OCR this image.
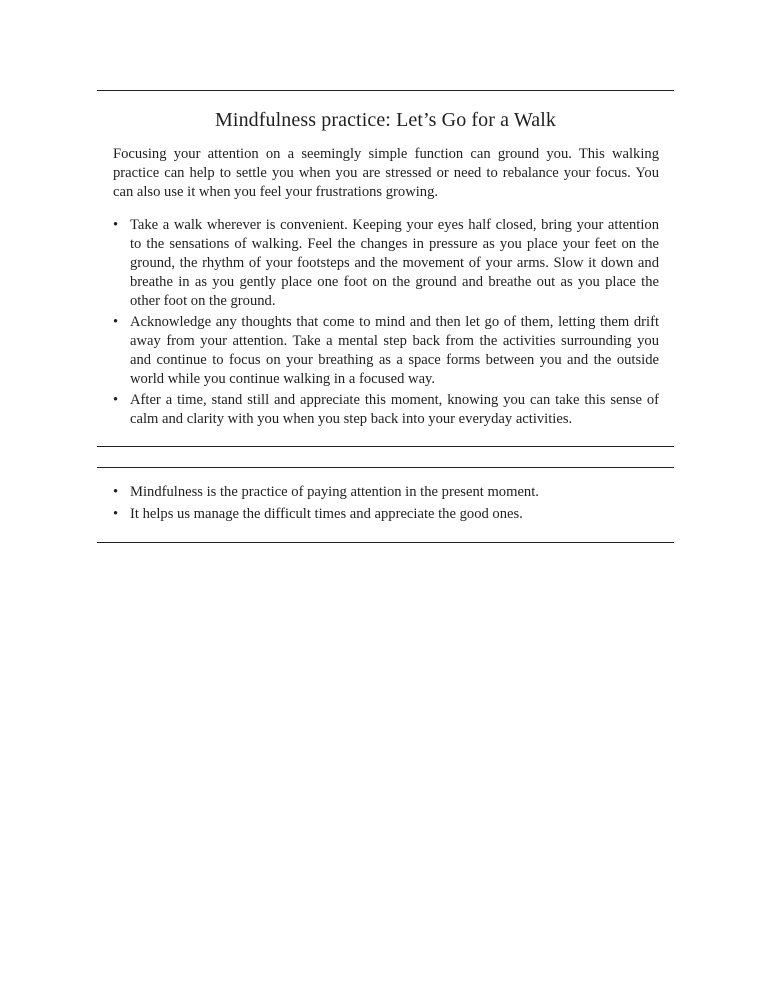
Mindfulness practice: Let’s Go for a Walk

Focusing your attention on a seemingly simple function can ground you. This walking practice can help to settle you when you are stressed or need to rebalance your focus. You can also use it when you feel your frustrations growing.

• Take a walk wherever is convenient. Keeping your eyes half closed, bring your attention to the sensations of walking. Feel the changes in pressure as you place your feet on the ground, the rhythm of your footsteps and the movement of your arms. Slow it down and breathe in as you gently place one foot on the ground and breathe out as you place the other foot on the ground.
• Acknowledge any thoughts that come to mind and then let go of them, letting them drift away from your attention. Take a mental step back from the activities surrounding you and continue to focus on your breathing as a space forms between you and the outside world while you continue walking in a focused way.
• After a time, stand still and appreciate this moment, knowing you can take this sense of calm and clarity with you when you step back into your everyday activities.
• Mindfulness is the practice of paying attention in the present moment.
• It helps us manage the difficult times and appreciate the good ones.
